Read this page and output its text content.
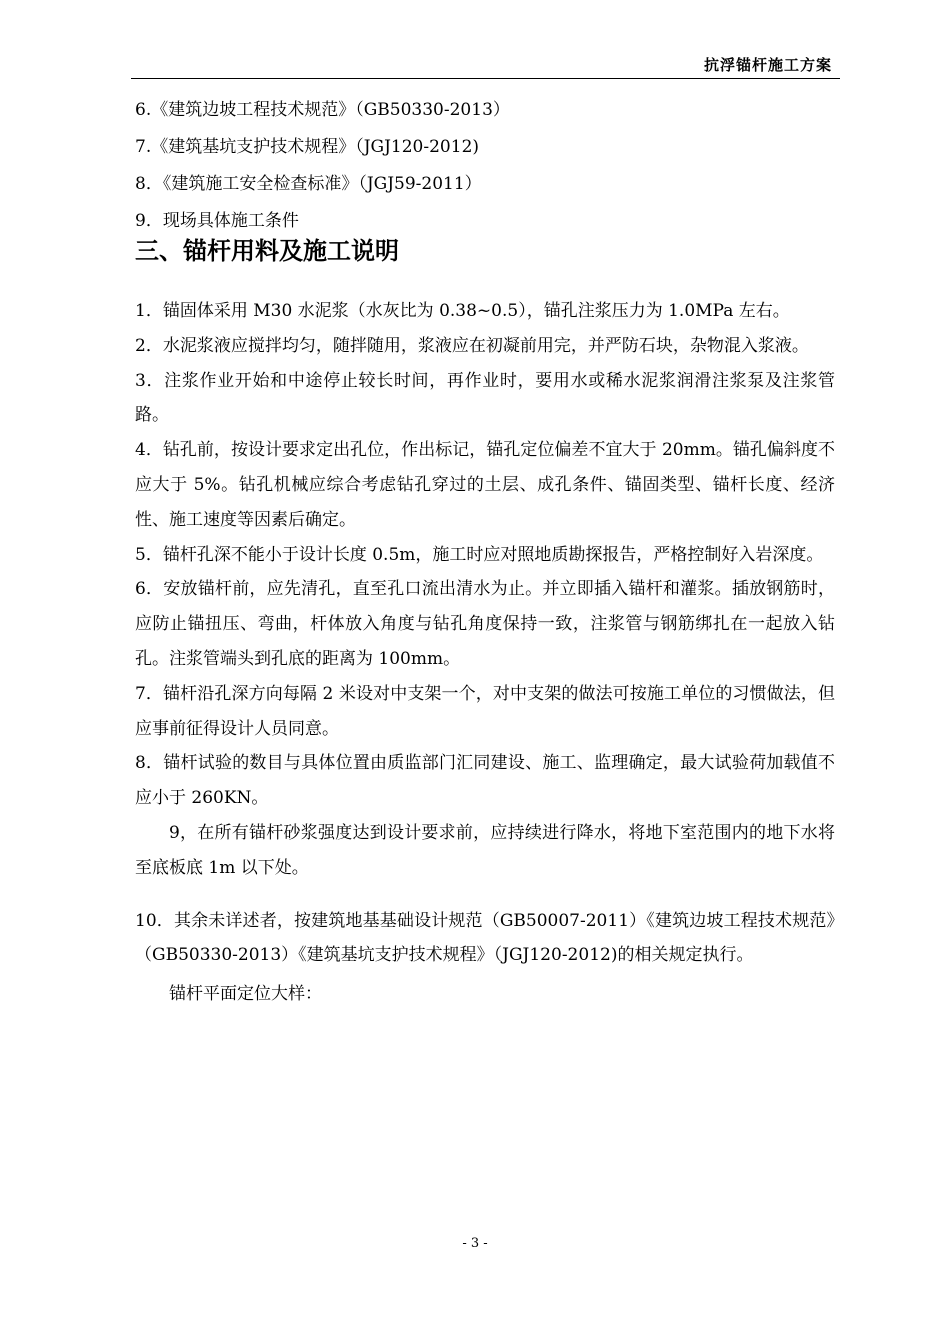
抗浮锚杆施工方案
6.《建筑边坡工程技术规范》（GB50330-2013）
7.《建筑基坑支护技术规程》（JGJ120-2012)
8．《建筑施工安全检查标准》（JGJ59-2011）
9．现场具体施工条件
三、锚杆用料及施工说明

1．锚固体采用 M30 水泥浆（水灰比为 0.38~0.5），锚孔注浆压力为 1.0MPa 左右。

2．水泥浆液应搅拌均匀，随拌随用，浆液应在初凝前用完，并严防石块，杂物混入浆液。

3．注浆作业开始和中途停止较长时间，再作业时，要用水或稀水泥浆润滑注浆泵及注浆管路。

4．钻孔前，按设计要求定出孔位，作出标记，锚孔定位偏差不宜大于 20mm。锚孔偏斜度不应大于 5%。钻孔机械应综合考虑钻孔穿过的土层、成孔条件、锚固类型、锚杆长度、经济性、施工速度等因素后确定。

5．锚杆孔深不能小于设计长度 0.5m，施工时应对照地质勘探报告，严格控制好入岩深度。

6．安放锚杆前，应先清孔，直至孔口流出清水为止。并立即插入锚杆和灌浆。插放钢筋时，应防止锚扭压、弯曲，杆体放入角度与钻孔角度保持一致，注浆管与钢筋绑扎在一起放入钻孔。注浆管端头到孔底的距离为 100mm。

7．锚杆沿孔深方向每隔 2 米设对中支架一个，对中支架的做法可按施工单位的习惯做法，但应事前征得设计人员同意。

8．锚杆试验的数目与具体位置由质监部门汇同建设、施工、监理确定，最大试验荷加载值不应小于 260KN。

9，在所有锚杆砂浆强度达到设计要求前，应持续进行降水，将地下室范围内的地下水将至底板底 1m 以下处。

10．其余未详述者，按建筑地基基础设计规范（GB50007-2011）《建筑边坡工程技术规范》（GB50330-2013）《建筑基坑支护技术规程》（JGJ120-2012)的相关规定执行。

锚杆平面定位大样：
- 3 -
